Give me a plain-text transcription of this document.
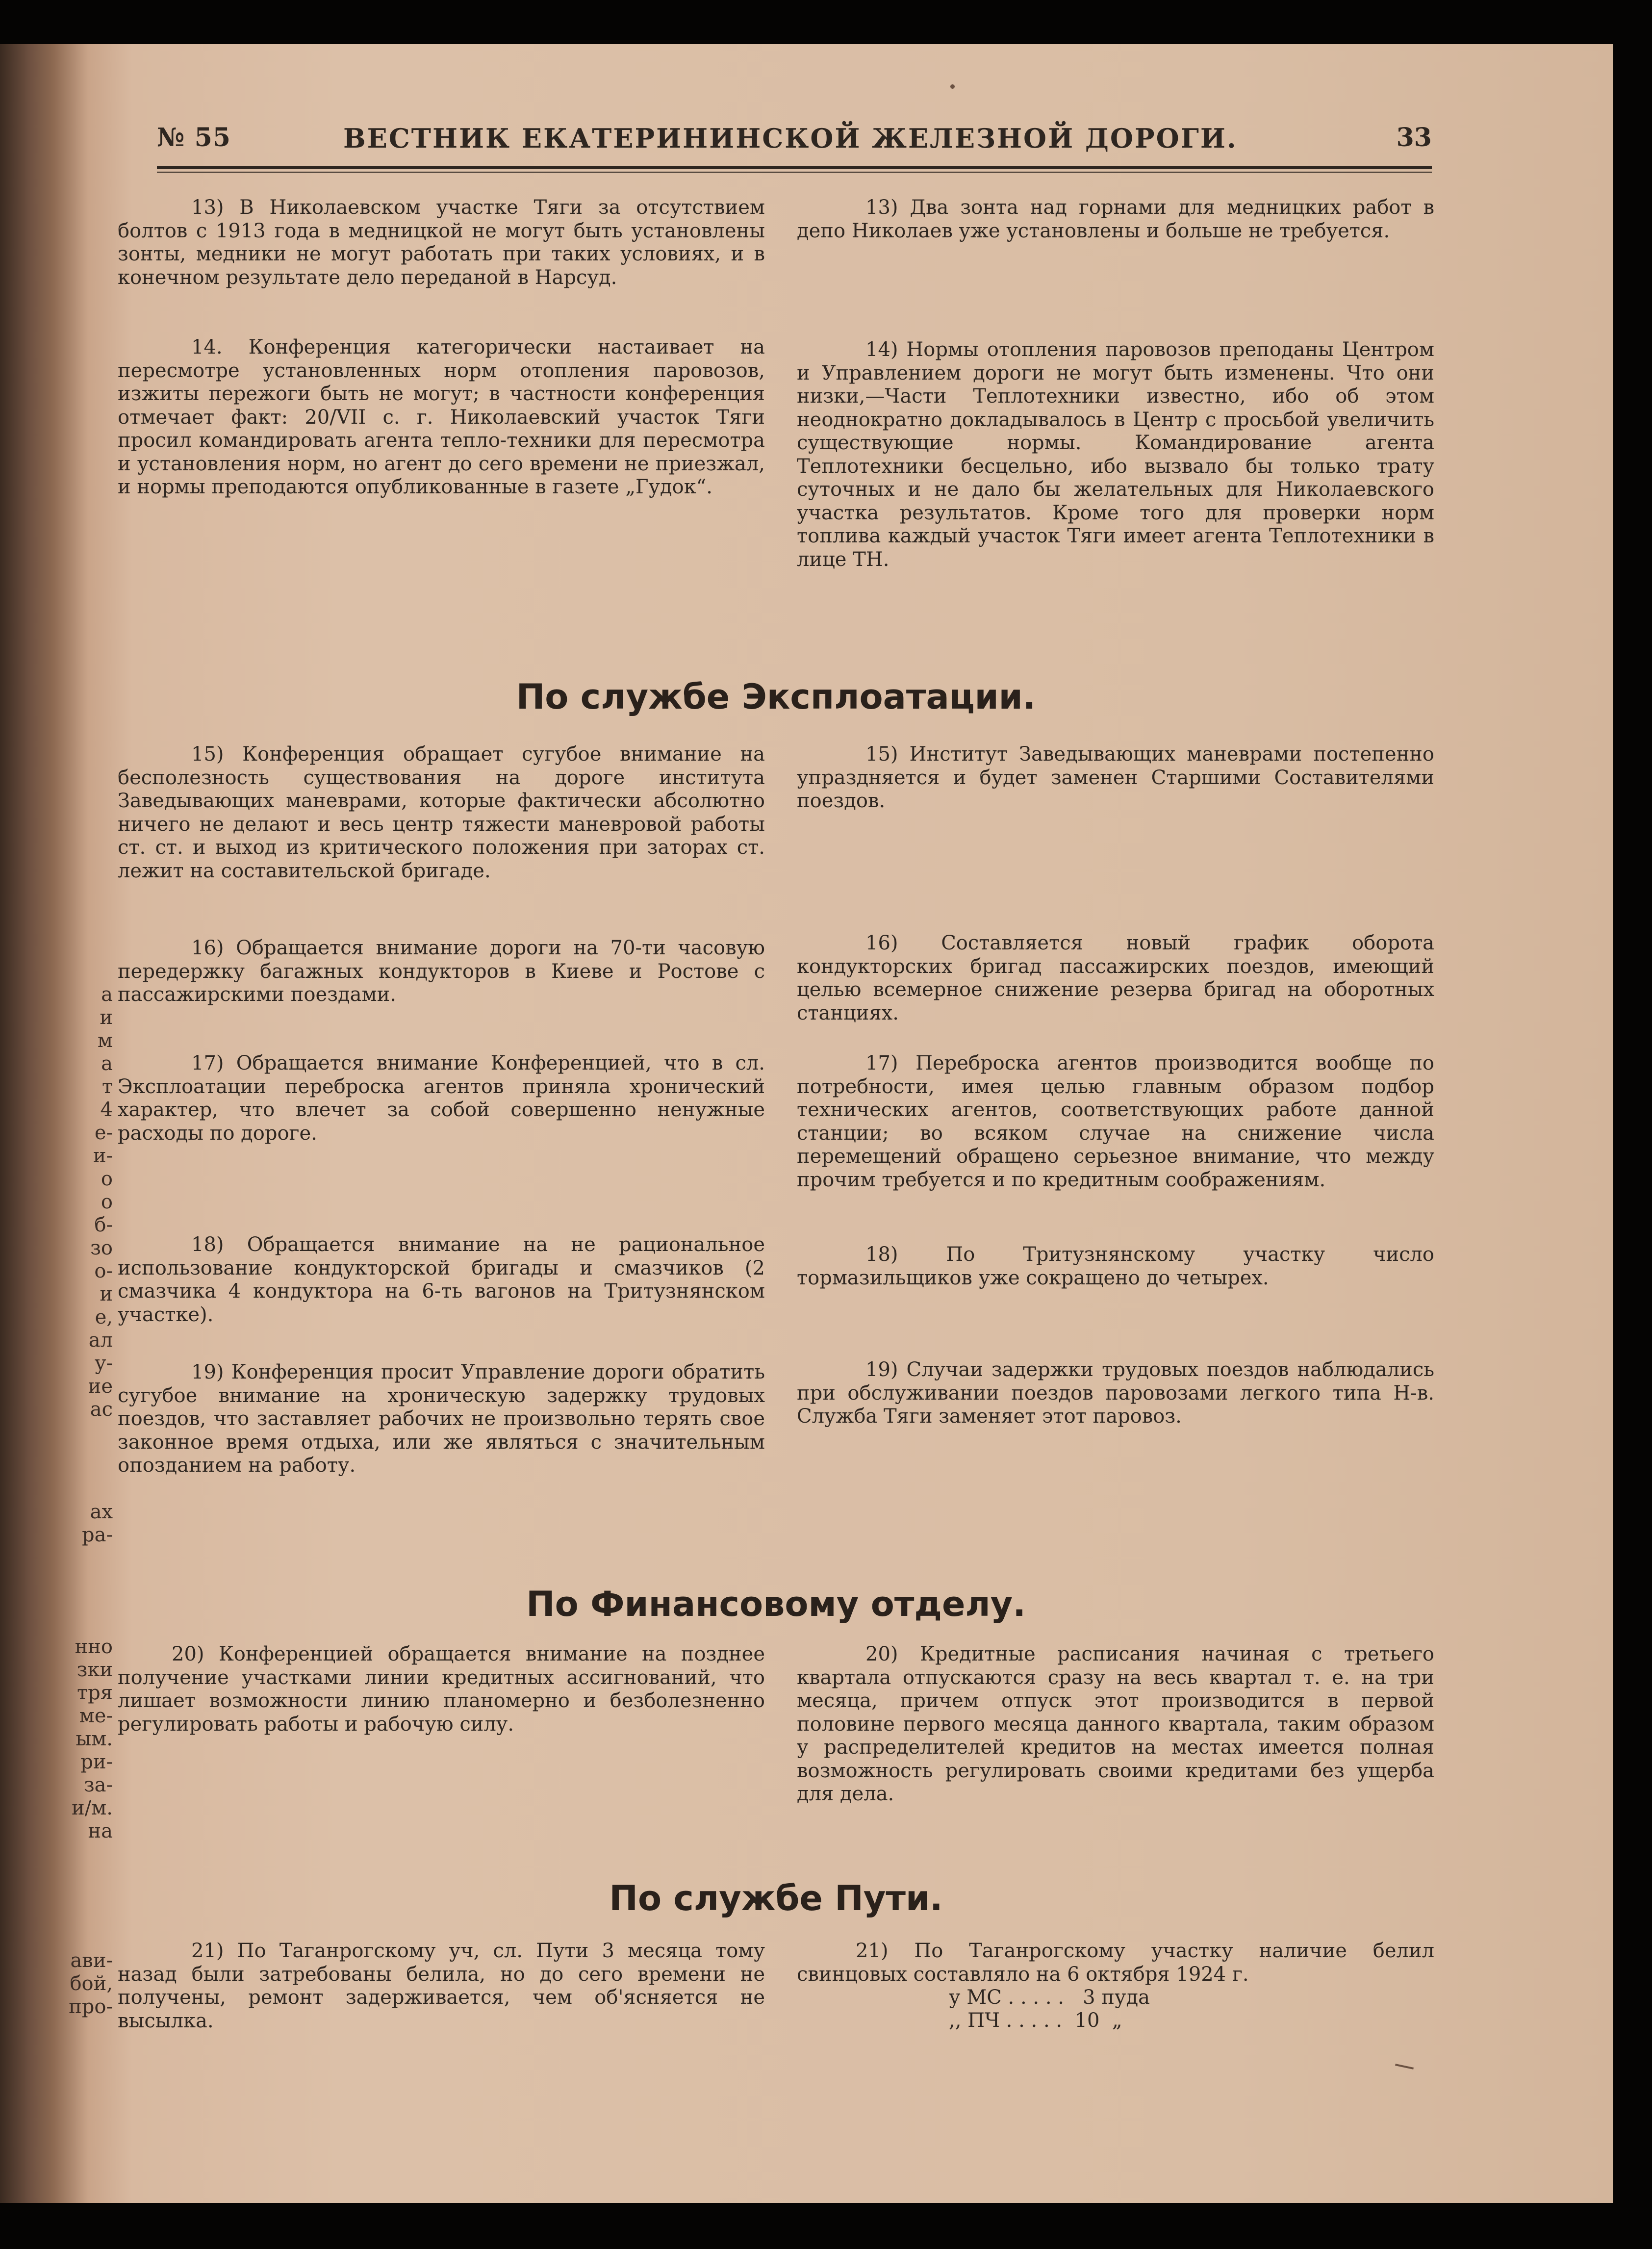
а
и
м
а
т
4
е-
и-
о
о
б-
зо
о-
и
е,
ал
у-
ие
ас
ах
ра-
нно
зки
тря
ме-
ым.
ри-
за-
и/м.
на
ави-
бой,
про-
№ 55	ВЕСТНИК ЕКАТЕРИНИНСКОЙ ЖЕЛЕЗНОЙ ДОРОГИ.	33
13) В Николаевском участке Тяги за отсутствием болтов с 1913 года в медницкой не могут быть установлены зонты, медники не могут работать при таких условиях, и в конечном результате дело переданой в Нарсуд.
13) Два зонта над горнами для медницких работ в депо Николаев уже установлены и больше не требуется.
14. Конференция категорически настаивает на пересмотре установленных норм отопления паровозов, изжиты пережоги быть не могут; в частности конференция отмечает факт: 20/VII с. г. Николаевский участок Тяги просил командировать агента тепло-техники для пересмотра и установления норм, но агент до сего времени не приезжал, и нормы преподаются опубликованные в газете „Гудок“.
14) Нормы отопления паровозов преподаны Центром и Управлением дороги не могут быть изменены. Что они низки,—Части Теплотехники известно, ибо об этом неоднократно докладывалось в Центр с просьбой увеличить существующие нормы. Командирование агента Теплотехники бесцельно, ибо вызвало бы только трату суточных и не дало бы желательных для Николаевского участка результатов. Кроме того для проверки норм топлива каждый участок Тяги имеет агента Теплотехники в лице ТН.
По службе Эксплоатации.
15) Конференция обращает сугубое внимание на бесполезность существования на дороге института Заведывающих маневрами, которые фактически абсолютно ничего не делают и весь центр тяжести маневровой работы ст. ст. и выход из критического положения при заторах ст. лежит на составительской бригаде.
15) Институт Заведывающих маневрами постепенно упраздняется и будет заменен Старшими Составителями поездов.
16) Обращается внимание дороги на 70-ти часовую передержку багажных кондукторов в Киеве и Ростове с пассажирскими поездами.
16) Составляется новый график оборота кондукторских бригад пассажирских поездов, имеющий целью всемерное снижение резерва бригад на оборотных станциях.
17) Обращается внимание Конференцией, что в сл. Эксплоатации переброска агентов приняла хронический характер, что влечет за собой совершенно ненужные расходы по дороге.
17) Переброска агентов производится вообще по потребности, имея целью главным образом подбор технических агентов, соответствующих работе данной станции; во всяком случае на снижение числа перемещений обращено серьезное внимание, что между прочим требуется и по кредитным соображениям.
18) Обращается внимание на не рациональное использование кондукторской бригады и смазчиков (2 смазчика 4 кондуктора на 6-ть вагонов на Тритузнянском участке).
18) По Тритузнянскому участку число тормазильщиков уже сокращено до четырех.
19) Конференция просит Управление дороги обратить сугубое внимание на хроническую задержку трудовых поездов, что заставляет рабочих не произвольно терять свое законное время отдыха, или же являться с значительным опозданием на работу.
19) Случаи задержки трудовых поездов наблюдались при обслуживании поездов паровозами легкого типа Н-в. Служба Тяги заменяет этот паровоз.
По Финансовому отделу.
20) Конференцией обращается внимание на позднее получение участками линии кредитных ассигнований, что лишает возможности линию планомерно и безболезненно регулировать работы и рабочую силу.
20) Кредитные расписания начиная с третьего квартала отпускаются сразу на весь квартал т. е. на три месяца, причем отпуск этот производится в первой половине первого месяца данного квартала, таким образом у распределителей кредитов на местах имеется полная возможность регулировать своими кредитами без ущерба для дела.
По службе Пути.
21) По Таганрогскому уч, сл. Пути 3 месяца тому назад были затребованы белила, но до сего времени не получены, ремонт задерживается, чем об'ясняется не высылка.
21) По Таганрогскому участку наличие белил свинцовых составляло на 6 октября 1924 г.
у МС . . . . .   3 пуда
,, ПЧ . . . . .  10  „
